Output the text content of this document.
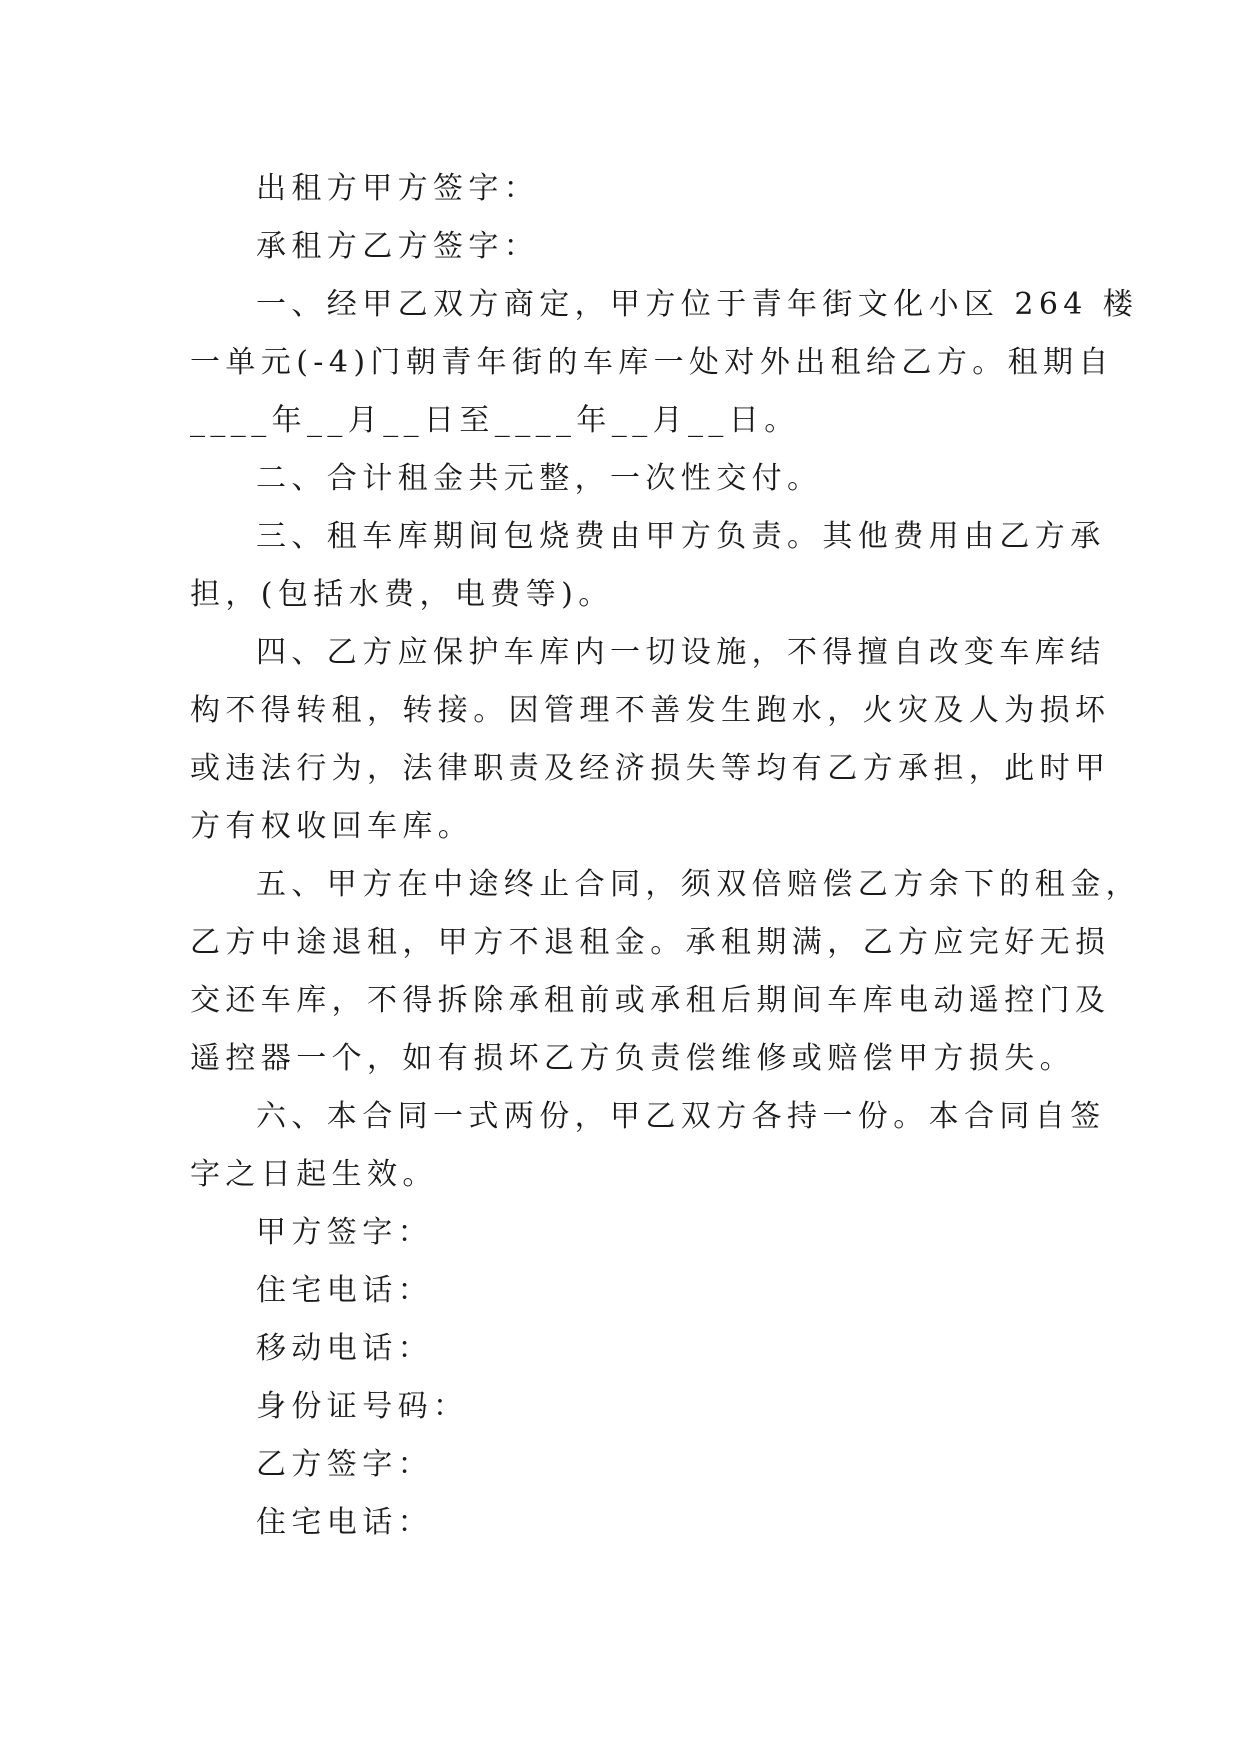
出租方甲方签字：
承租方乙方签字：
一、经甲乙双方商定，甲方位于青年街文化小区 264 楼
一单元(-4)门朝青年街的车库一处对外出租给乙方。租期自
____年__月__日至____年__月__日。
二、合计租金共元整，一次性交付。
三、租车库期间包烧费由甲方负责。其他费用由乙方承
担，(包括水费，电费等)。
四、乙方应保护车库内一切设施，不得擅自改变车库结
构不得转租，转接。因管理不善发生跑水，火灾及人为损坏
或违法行为，法律职责及经济损失等均有乙方承担，此时甲
方有权收回车库。
五、甲方在中途终止合同，须双倍赔偿乙方余下的租金，
乙方中途退租，甲方不退租金。承租期满，乙方应完好无损
交还车库，不得拆除承租前或承租后期间车库电动遥控门及
遥控器一个，如有损坏乙方负责偿维修或赔偿甲方损失。
六、本合同一式两份，甲乙双方各持一份。本合同自签
字之日起生效。
甲方签字：
住宅电话：
移动电话：
身份证号码：
乙方签字：
住宅电话：
